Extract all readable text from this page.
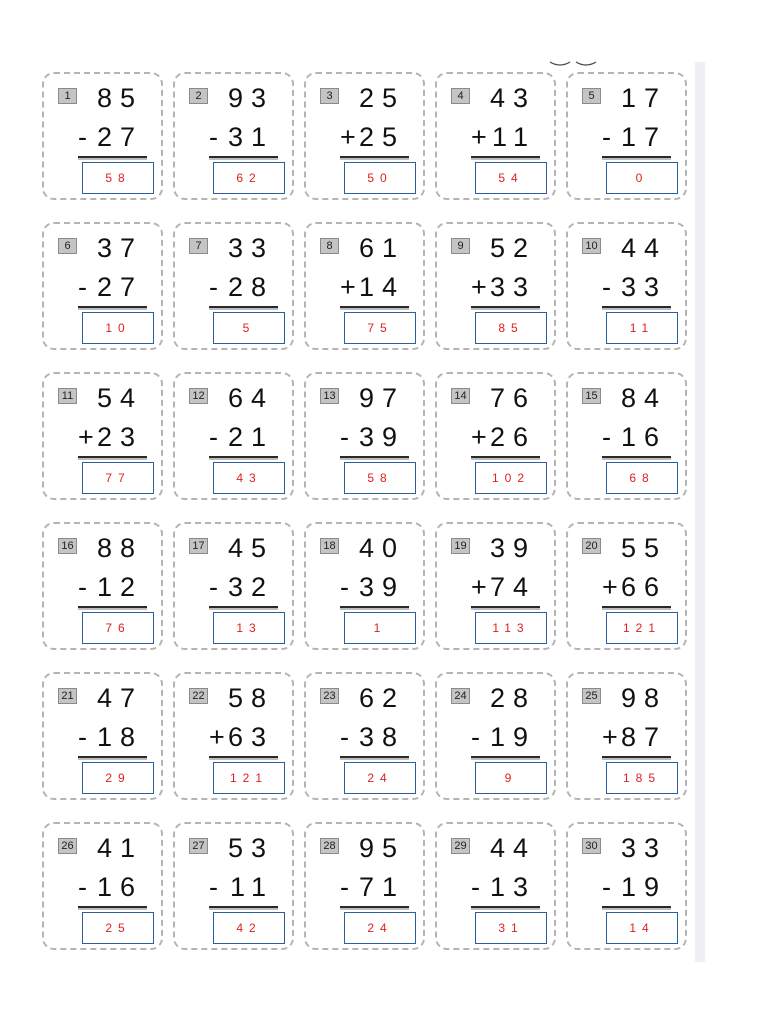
1 85
- 27
58
2 93
- 31
62
3 25
+ 25
50
4 43
+ 11
54
5 17
- 17
0
6 37
- 27
10
7 33
- 28
5
8 61
+ 14
75
9 52
+ 33
85
10 44
- 33
11
11 54
+ 23
77
12 64
- 21
43
13 97
- 39
58
14 76
+ 26
102
15 84
- 16
68
16 88
- 12
76
17 45
- 32
13
18 40
- 39
1
19 39
+ 74
113
20 55
+ 66
121
21 47
- 18
29
22 58
+ 63
121
23 62
- 38
24
24 28
- 19
9
25 98
+ 87
185
26 41
- 16
25
27 53
- 11
42
28 95
- 71
24
29 44
- 13
31
30 33
- 19
14
